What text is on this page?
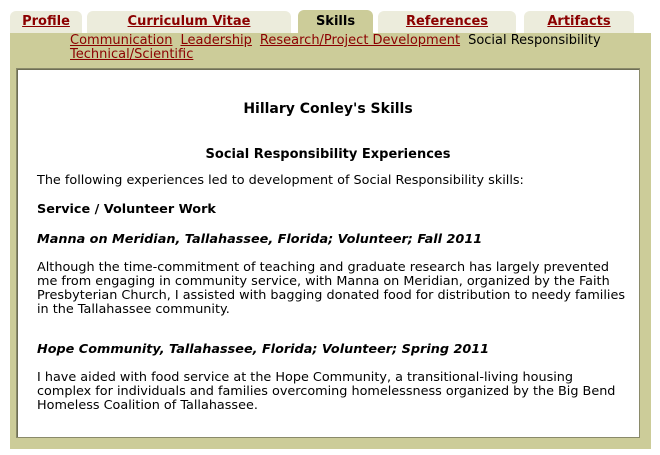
Profile	Curriculum Vitae	Skills	References	Artifacts
Communication Leadership Research/Project Development Social Responsibility
Technical/Scientific
Hillary Conley's Skills
Social Responsibility Experiences

The following experiences led to development of Social Responsibility skills:

Service / Volunteer Work

Manna on Meridian, Tallahassee, Florida; Volunteer; Fall 2011

Although the time-commitment of teaching and graduate research has largely prevented me from engaging in community service, with Manna on Meridian, organized by the Faith Presbyterian Church, I assisted with bagging donated food for distribution to needy families in the Tallahassee community.

Hope Community, Tallahassee, Florida; Volunteer; Spring 2011

I have aided with food service at the Hope Community, a transitional-living housing complex for individuals and families overcoming homelessness organized by the Big Bend Homeless Coalition of Tallahassee.
